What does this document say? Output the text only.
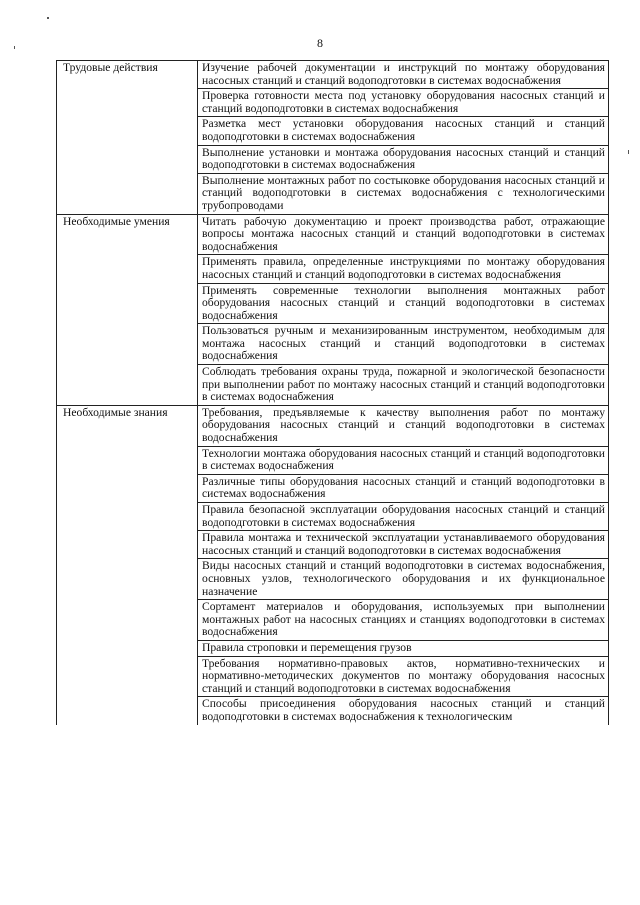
8
Трудовые действия	Изучение рабочей документации и инструкций по монтажу оборудования насосных станций и станций водоподготовки в системах водоснабжения
	Проверка готовности места под установку оборудования насосных станций и станций водоподготовки в системах водоснабжения
	Разметка мест установки оборудования насосных станций и станций водоподготовки в системах водоснабжения
	Выполнение установки и монтажа оборудования насосных станций и станций водоподготовки в системах водоснабжения
	Выполнение монтажных работ по состыковке оборудования насосных станций и станций водоподготовки в системах водоснабжения с технологическими трубопроводами
Необходимые умения	Читать рабочую документацию и проект производства работ, отражающие вопросы монтажа насосных станций и станций водоподготовки в системах водоснабжения
	Применять правила, определенные инструкциями по монтажу оборудования насосных станций и станций водоподготовки в системах водоснабжения
	Применять современные технологии выполнения монтажных работ оборудования насосных станций и станций водоподготовки в системах водоснабжения
	Пользоваться ручным и механизированным инструментом, необходимым для монтажа насосных станций и станций водоподготовки в системах водоснабжения
	Соблюдать требования охраны труда, пожарной и экологической безопасности при выполнении работ по монтажу насосных станций и станций водоподготовки в системах водоснабжения
Необходимые знания	Требования, предъявляемые к качеству выполнения работ по монтажу оборудования насосных станций и станций водоподготовки в системах водоснабжения
	Технологии монтажа оборудования насосных станций и станций водоподготовки в системах водоснабжения
	Различные типы оборудования насосных станций и станций водоподготовки в системах водоснабжения
	Правила безопасной эксплуатации оборудования насосных станций и станций водоподготовки в системах водоснабжения
	Правила монтажа и технической эксплуатации устанавливаемого оборудования насосных станций и станций водоподготовки в системах водоснабжения
	Виды насосных станций и станций водоподготовки в системах водоснабжения, основных узлов, технологического оборудования и их функциональное назначение
	Сортамент материалов и оборудования, используемых при выполнении монтажных работ на насосных станциях и станциях водоподготовки в системах водоснабжения
	Правила строповки и перемещения грузов
	Требования нормативно-правовых актов, нормативно-технических и нормативно-методических документов по монтажу оборудования насосных станций и станций водоподготовки в системах водоснабжения
	Способы присоединения оборудования насосных станций и станций водоподготовки в системах водоснабжения к технологическим
